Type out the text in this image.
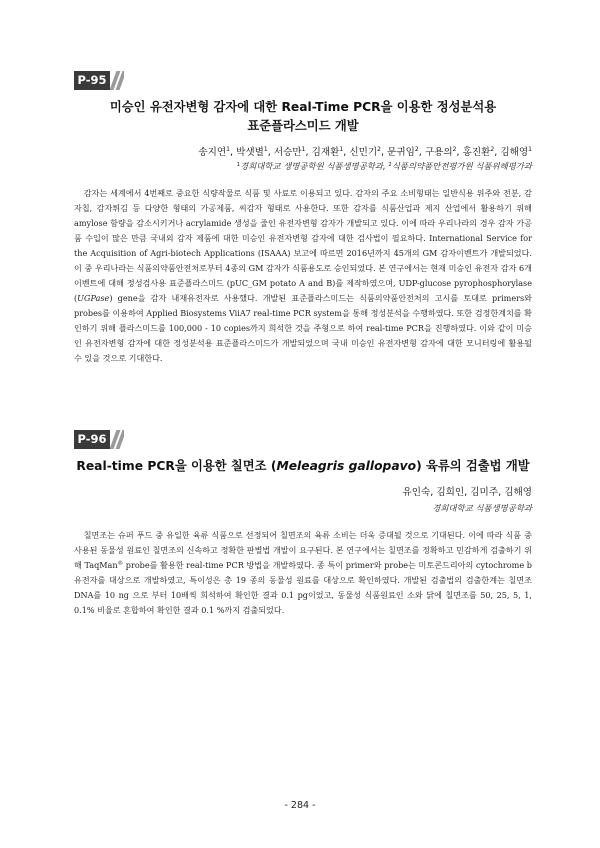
P-95
미승인 유전자변형 감자에 대한 Real-Time PCR을 이용한 정성분석용
표준플라스미드 개발

송지연$^1$, 박샛별$^1$, 서승만$^1$, 김재환$^1$, 신민기$^2$, 문귀임$^2$, 구용의$^2$, 홍진환$^2$, 김해영$^1$

$^1$경희대학교 생명공학원 식품생명공학과, $^2$식품의약품안전평가원 식품위해평가과

감자는 세계에서 4번째로 중요한 식량작물로 식품 및 사료로 이용되고 있다. 감자의 주요 소비형태는 일반식용 위주와 전분, 감자칩, 감자튀김 등 다양한 형태의 가공제품, 씨감자 형태로 사용한다. 또한 감자를 식품산업과 제지 산업에서 활용하기 위해 amylose 함량을 감소시키거나 acrylamide 생성을 줄인 유전자변형 감자가 개발되고 있다. 이에 따라 우리나라의 경우 감자 가공품 수입이 많은 만큼 국내외 감자 제품에 대한 미승인 유전자변형 감자에 대한 검사법이 필요하다. International Service for the Acquisition of Agri-biotech Applications (ISAAA) 보고에 따르면 2016년까지 45개의 GM 감자이벤트가 개발되었다. 이 중 우리나라는 식품의약품안전처로부터 4종의 GM 감자가 식품용도로 승인되었다. 본 연구에서는 현재 미승인 유전자 감자 6개 이벤트에 대해 정성검사용 표준플라스미드 (pUC_GM potato A and B)를 제작하였으며, UDP-glucose pyrophosphorylase (UGPase) gene을 감자 내재유전자로 사용했다. 개발된 표준플라스미드는 식품의약품안전처의 고시를 토대로 primers와 probes를 이용하여 Applied Biosystems ViiA7 real-time PCR system을 통해 정성분석을 수행하였다. 또한 검정한계치를 확인하기 위해 플라스미드를 100,000 - 10 copies까지 희석한 것을 주형으로 하여 real-time PCR을 진행하였다. 이와 같이 미승인 유전자변형 감자에 대한 정성분석용 표준플라스미드가 개발되었으며 국내 미승인 유전자변형 감자에 대한 모니터링에 활용될 수 있을 것으로 기대한다.

P-96
Real-time PCR을 이용한 칠면조 (Meleagris gallopavo) 육류의 검출법 개발

유인숙, 김희인, 김미주, 김해영

경희대학교 식품생명공학과

칠면조는 슈퍼 푸드 중 유일한 육류 식품으로 선정되어 칠면조의 육류 소비는 더욱 증대될 것으로 기대된다. 이에 따라 식품 중 사용된 동물성 원료인 칠면조의 신속하고 정확한 판별법 개발이 요구된다. 본 연구에서는 칠면조를 정확하고 민감하게 검출하기 위해 TaqMan® probe를 활용한 real-time PCR 방법을 개발하였다. 종 특이 primer와 probe는 미토콘드리아의 cytochrome b 유전자를 대상으로 개발하였고, 특이성은 총 19 종의 동물성 원료를 대상으로 확인하였다. 개발된 검출법의 검출한계는 칠면조 DNA를 10 ng 으로 부터 10배씩 희석하여 확인한 결과 0.1 pg이었고, 동물성 식품원료인 소와 닭에 칠면조를 50, 25, 5, 1, 0.1% 비율로 혼합하여 확인한 결과 0.1 %까지 검출되었다.

- 284 -
